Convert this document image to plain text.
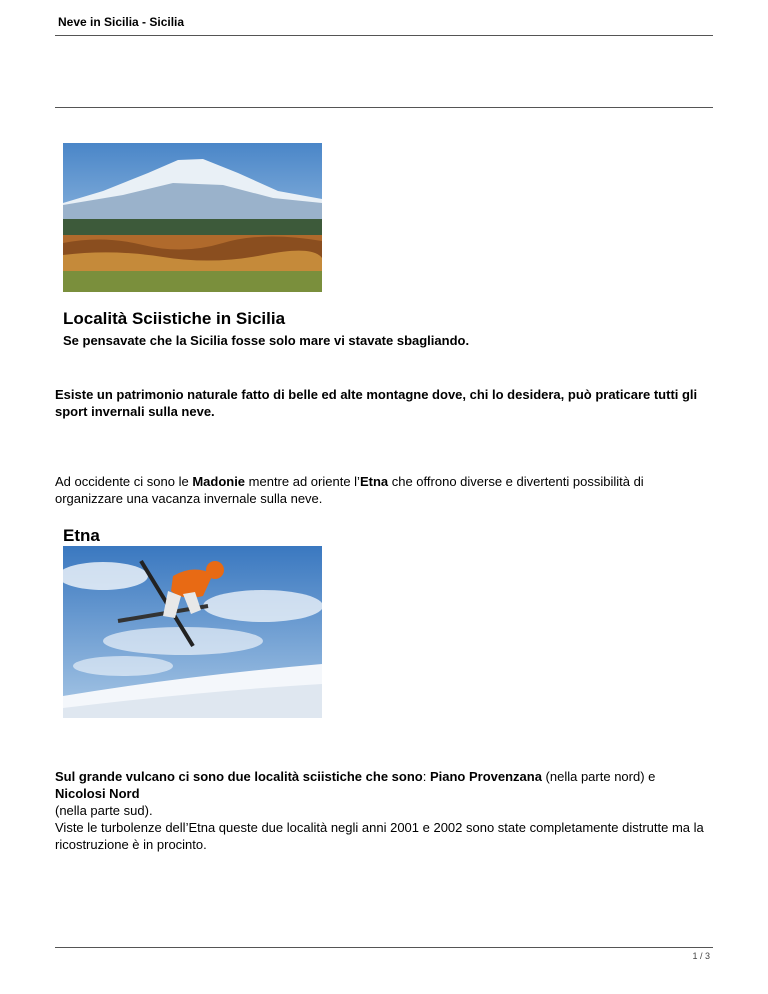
Neve in Sicilia - Sicilia
Località Sciistiche in Sicilia
Se pensavate che la Sicilia fosse solo mare vi stavate sbagliando.
Esiste un patrimonio naturale fatto di belle ed alte montagne dove, chi lo desidera, può praticare tutti gli sport invernali sulla neve.
Ad occidente ci sono le Madonie mentre ad oriente l’Etna che offrono diverse e divertenti possibilità di organizzare una vacanza invernale sulla neve.
Etna
Sul grande vulcano ci sono due località sciistiche che sono: Piano Provenzana (nella parte nord) e
Nicolosi Nord
(nella parte sud).
Viste le turbolenze dell’Etna queste due località negli anni 2001 e 2002 sono state completamente distrutte ma la ricostruzione è in procinto.
1 / 3
